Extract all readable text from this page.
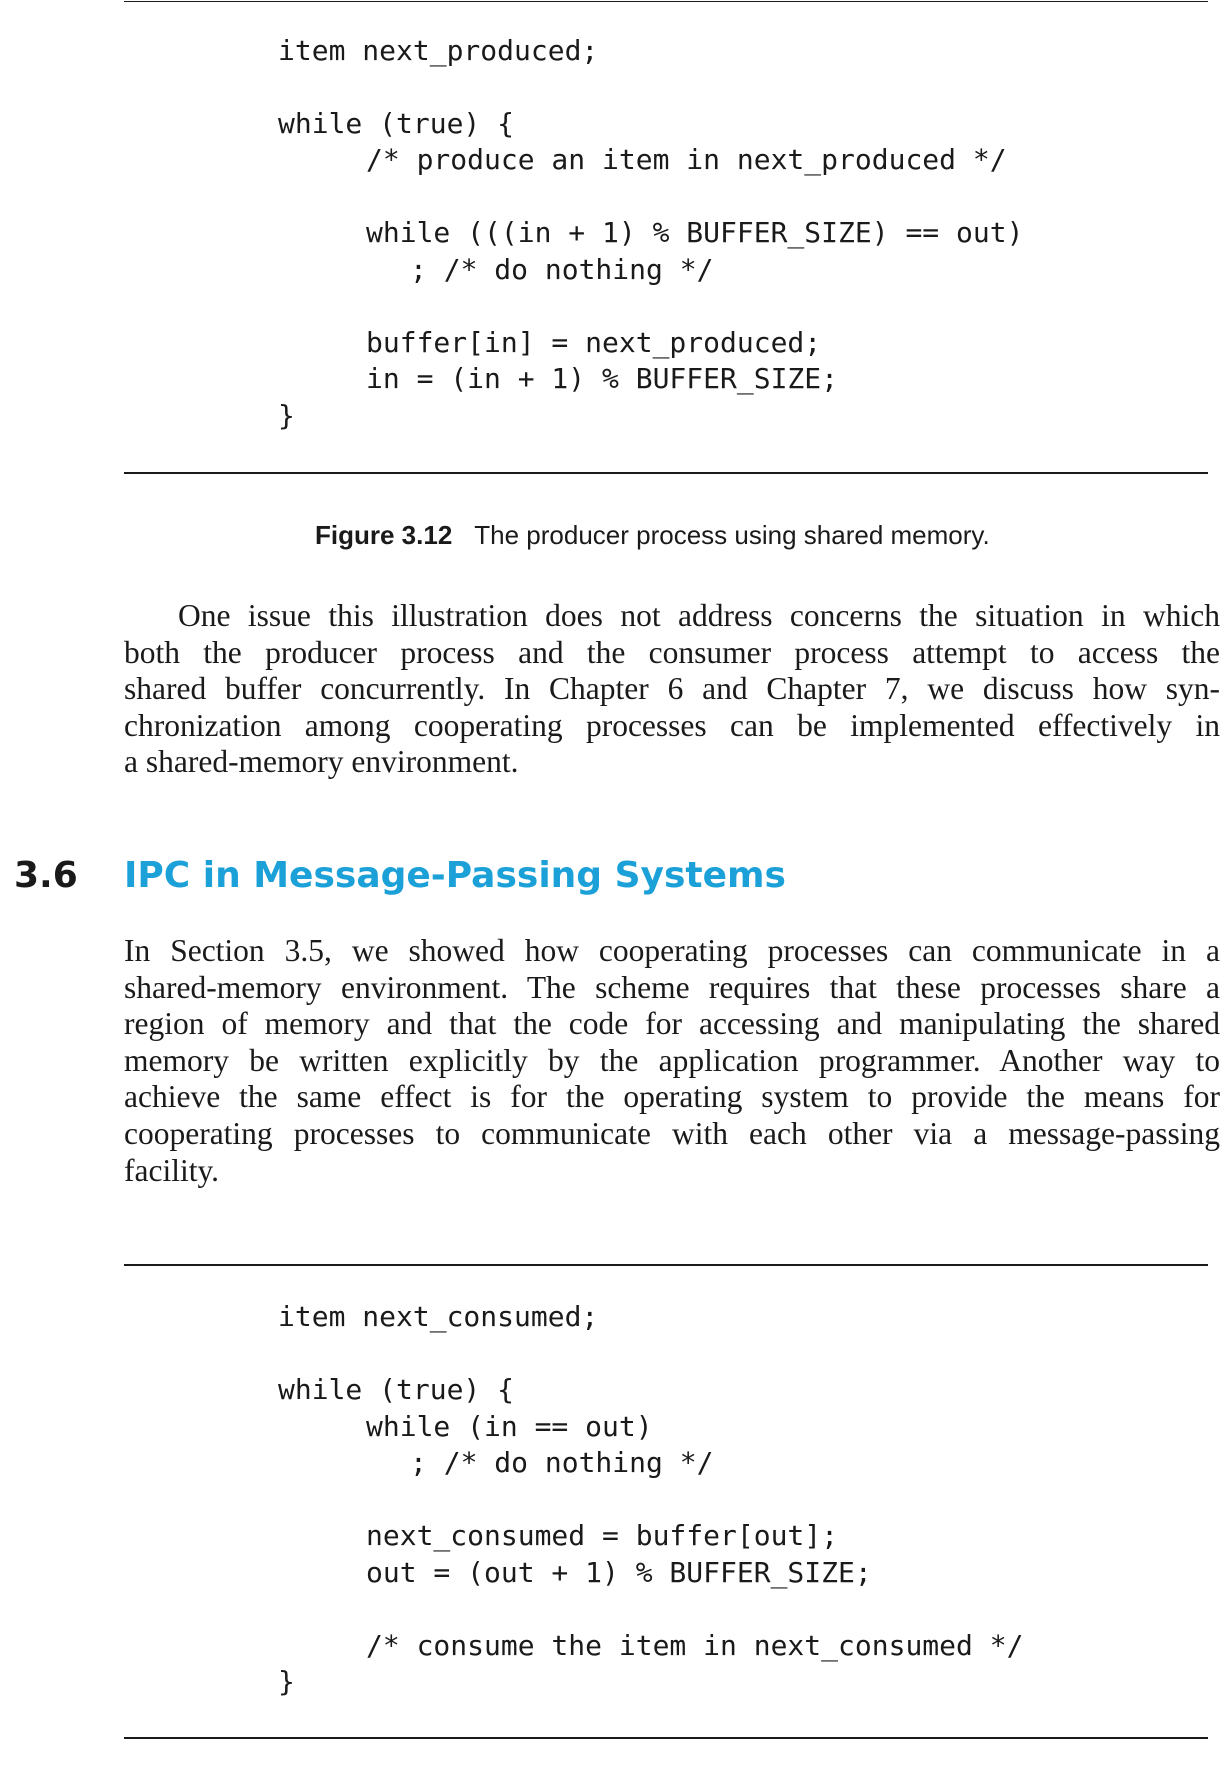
item next_produced;
while (true) {
/* produce an item in next_produced */
while (((in + 1) % BUFFER_SIZE) == out)
; /* do nothing */
buffer[in] = next_produced;
in = (in + 1) % BUFFER_SIZE;
}
Figure 3.12 The producer process using shared memory.
One issue this illustration does not address concerns the situation in which
both the producer process and the consumer process attempt to access the
shared buffer concurrently. In Chapter 6 and Chapter 7, we discuss how syn-
chronization among cooperating processes can be implemented effectively in
a shared-memory environment.
3.6 IPC in Message-Passing Systems
In Section 3.5, we showed how cooperating processes can communicate in a
shared-memory environment. The scheme requires that these processes share a
region of memory and that the code for accessing and manipulating the shared
memory be written explicitly by the application programmer. Another way to
achieve the same effect is for the operating system to provide the means for
cooperating processes to communicate with each other via a message-passing
facility.
item next_consumed;
while (true) {
while (in == out)
; /* do nothing */
next_consumed = buffer[out];
out = (out + 1) % BUFFER_SIZE;
/* consume the item in next_consumed */
}
